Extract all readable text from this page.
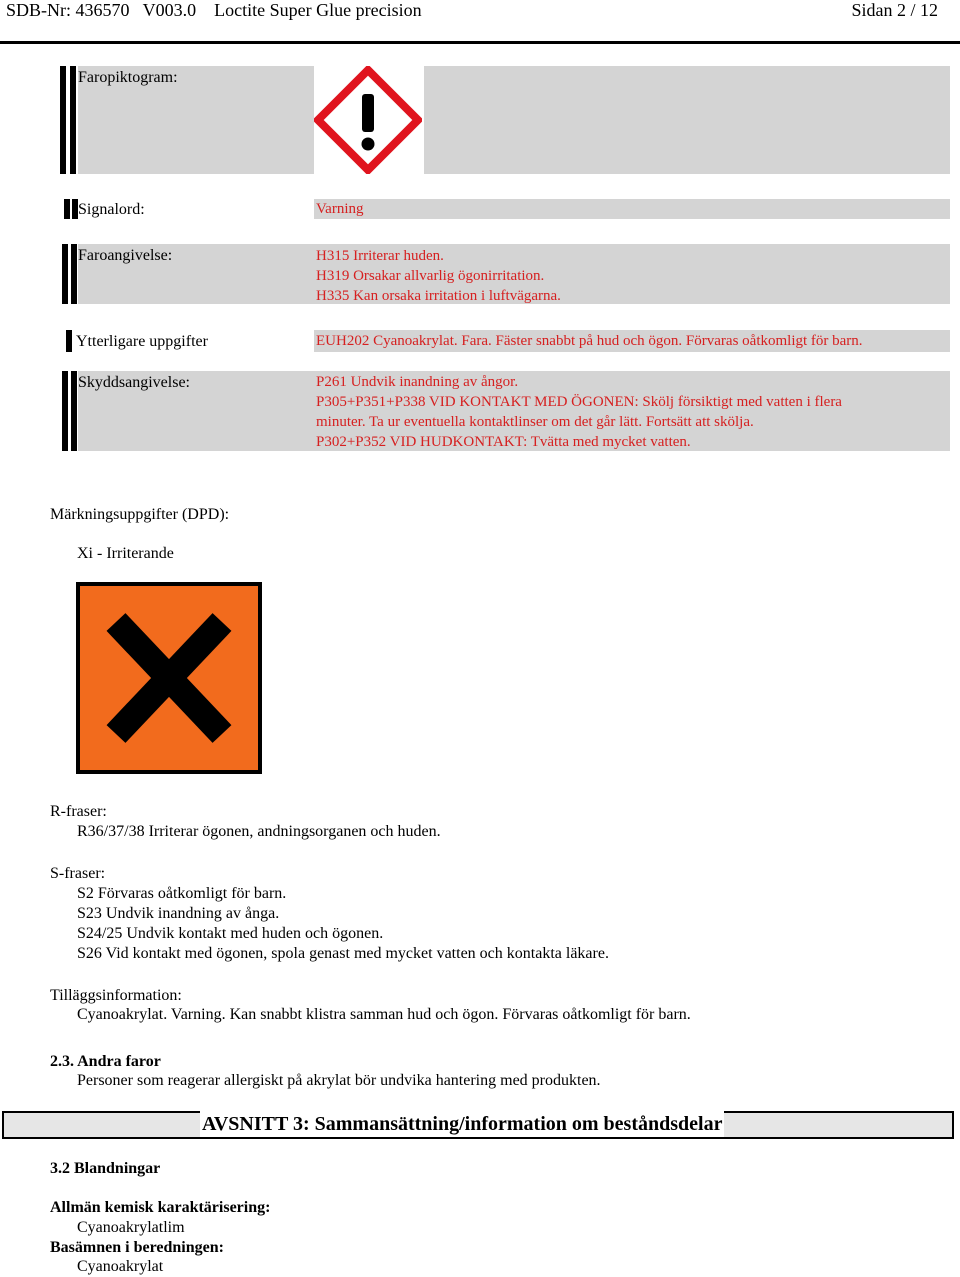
SDB-Nr: 436570   V003.0    Loctite Super Glue precision	Sidan 2 / 12
Faropiktogram:
Signalord:	Varning
Faroangivelse:	H315 Irriterar huden.
H319 Orsakar allvarlig ögonirritation.
H335 Kan orsaka irritation i luftvägarna.
Ytterligare uppgifter	EUH202 Cyanoakrylat. Fara. Fäster snabbt på hud och ögon. Förvaras oåtkomligt för barn.
Skyddsangivelse:	P261 Undvik inandning av ångor.
P305+P351+P338 VID KONTAKT MED ÖGONEN: Skölj försiktigt med vatten i flera
minuter. Ta ur eventuella kontaktlinser om det går lätt. Fortsätt att skölja.
P302+P352 VID HUDKONTAKT: Tvätta med mycket vatten.
Märkningsuppgifter (DPD):
Xi - Irriterande
R-fraser:
R36/37/38 Irriterar ögonen, andningsorganen och huden.
S-fraser:
S2 Förvaras oåtkomligt för barn.
S23 Undvik inandning av ånga.
S24/25 Undvik kontakt med huden och ögonen.
S26 Vid kontakt med ögonen, spola genast med mycket vatten och kontakta läkare.
Tilläggsinformation:
Cyanoakrylat. Varning. Kan snabbt klistra samman hud och ögon. Förvaras oåtkomligt för barn.
2.3. Andra faror
Personer som reagerar allergiskt på akrylat bör undvika hantering med produkten.
AVSNITT 3: Sammansättning/information om beståndsdelar
3.2 Blandningar
Allmän kemisk karaktärisering:
Cyanoakrylatlim
Basämnen i beredningen:
Cyanoakrylat
